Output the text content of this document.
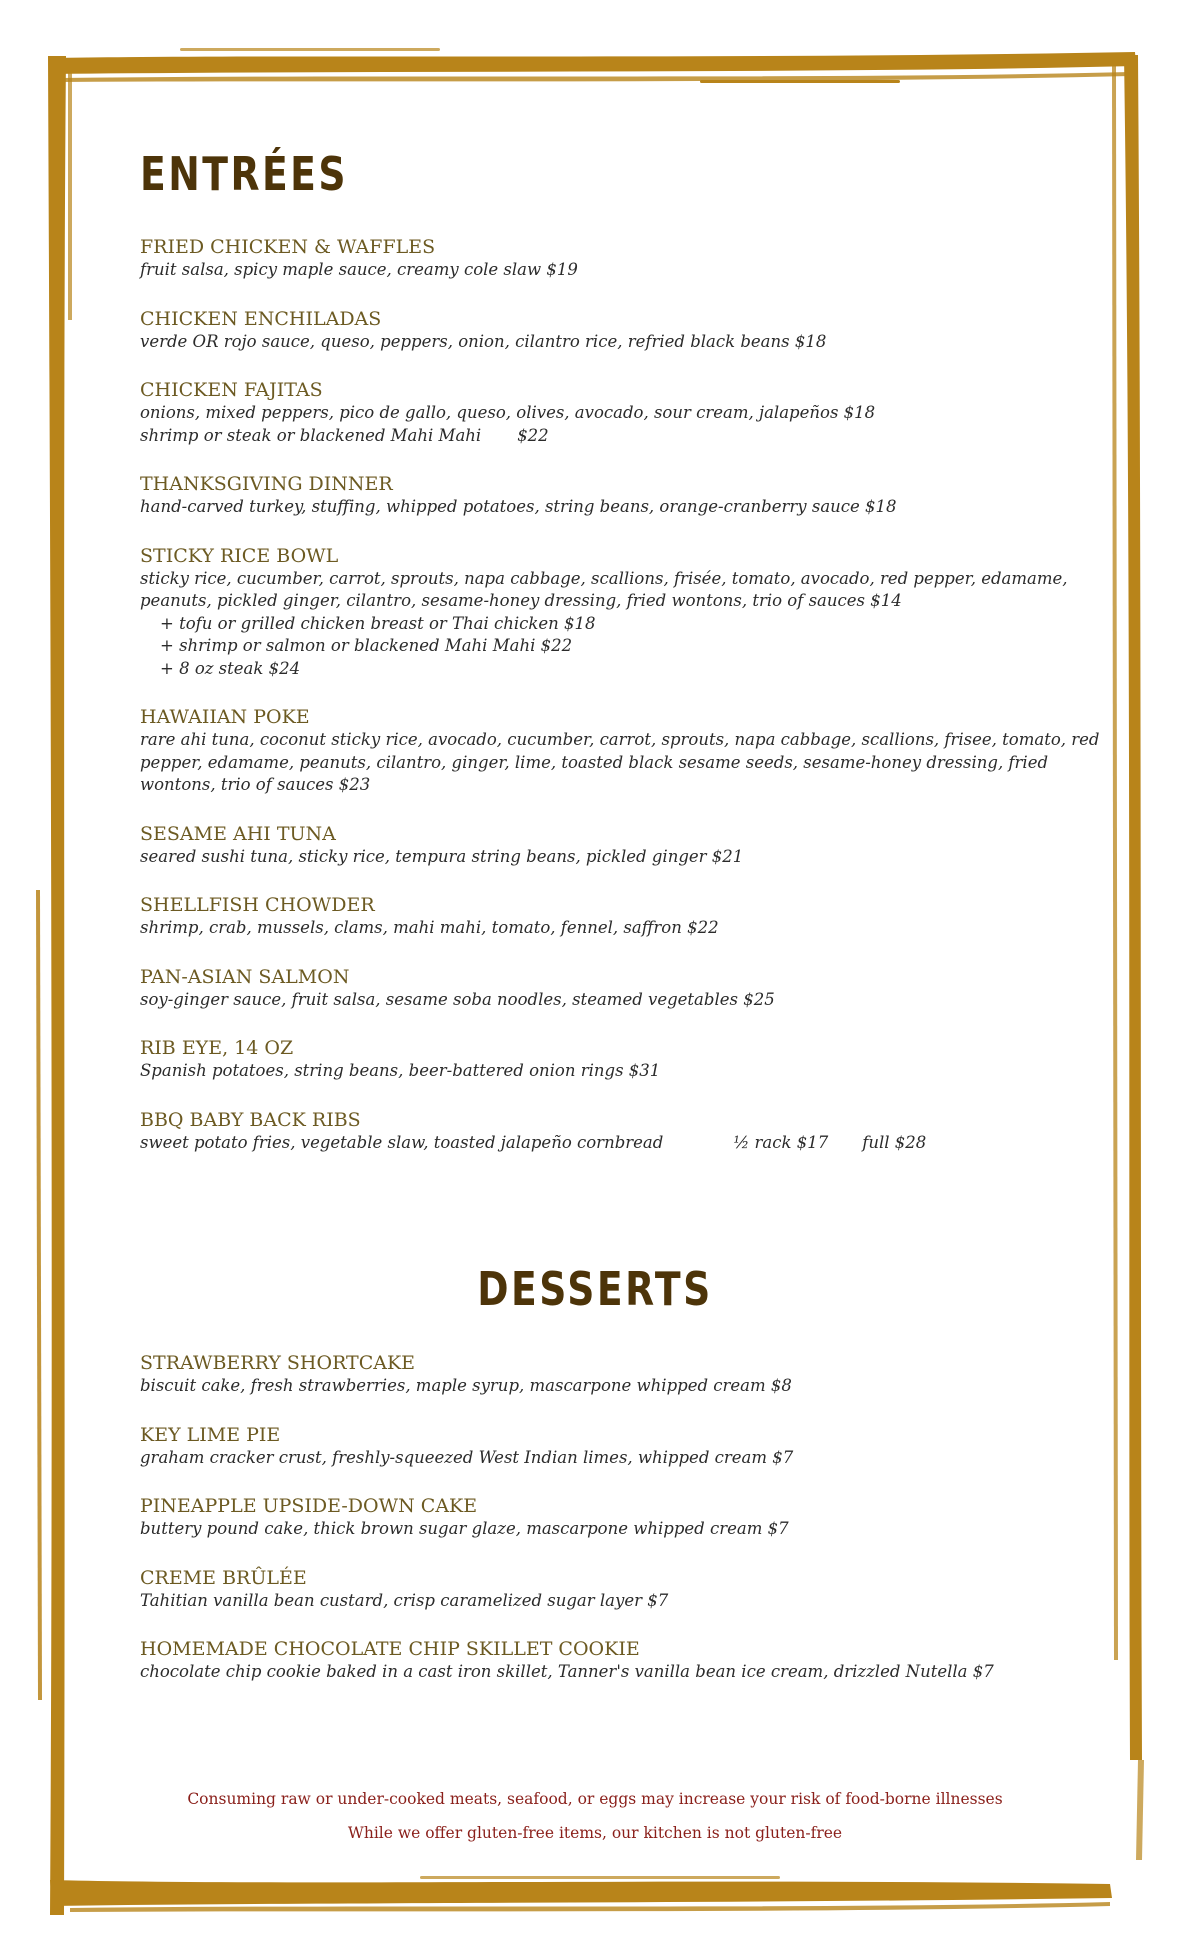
ENTRÉES
FRIED CHICKEN & WAFFLES
fruit salsa, spicy maple sauce, creamy cole slaw $19
CHICKEN ENCHILADAS
verde OR rojo sauce, queso, peppers, onion, cilantro rice, refried black beans $18
CHICKEN FAJITAS
onions, mixed peppers, pico de gallo, queso, olives, avocado, sour cream, jalapeños $18
shrimp or steak or blackened Mahi Mahi $22
THANKSGIVING DINNER
hand-carved turkey, stuffing, whipped potatoes, string beans, orange-cranberry sauce $18
STICKY RICE BOWL
sticky rice, cucumber, carrot, sprouts, napa cabbage, scallions, frisée, tomato, avocado, red pepper, edamame,
peanuts, pickled ginger, cilantro, sesame-honey dressing, fried wontons, trio of sauces $14
+ tofu or grilled chicken breast or Thai chicken $18
+ shrimp or salmon or blackened Mahi Mahi $22
+ 8 oz steak $24
HAWAIIAN POKE
rare ahi tuna, coconut sticky rice, avocado, cucumber, carrot, sprouts, napa cabbage, scallions, frisee, tomato, red
pepper, edamame, peanuts, cilantro, ginger, lime, toasted black sesame seeds, sesame-honey dressing, fried
wontons, trio of sauces $23
SESAME AHI TUNA
seared sushi tuna, sticky rice, tempura string beans, pickled ginger $21
SHELLFISH CHOWDER
shrimp, crab, mussels, clams, mahi mahi, tomato, fennel, saffron $22
PAN-ASIAN SALMON
soy-ginger sauce, fruit salsa, sesame soba noodles, steamed vegetables $25
RIB EYE, 14 OZ
Spanish potatoes, string beans, beer-battered onion rings $31
BBQ BABY BACK RIBS
sweet potato fries, vegetable slaw, toasted jalapeño cornbread	½ rack $17 full $28
DESSERTS
STRAWBERRY SHORTCAKE
biscuit cake, fresh strawberries, maple syrup, mascarpone whipped cream $8
KEY LIME PIE
graham cracker crust, freshly-squeezed West Indian limes, whipped cream $7
PINEAPPLE UPSIDE-DOWN CAKE
buttery pound cake, thick brown sugar glaze, mascarpone whipped cream $7
CREME BRÛLÉE
Tahitian vanilla bean custard, crisp caramelized sugar layer $7
HOMEMADE CHOCOLATE CHIP SKILLET COOKIE
chocolate chip cookie baked in a cast iron skillet, Tanner's vanilla bean ice cream, drizzled Nutella $7
Consuming raw or under-cooked meats, seafood, or eggs may increase your risk of food-borne illnesses
While we offer gluten-free items, our kitchen is not gluten-free
